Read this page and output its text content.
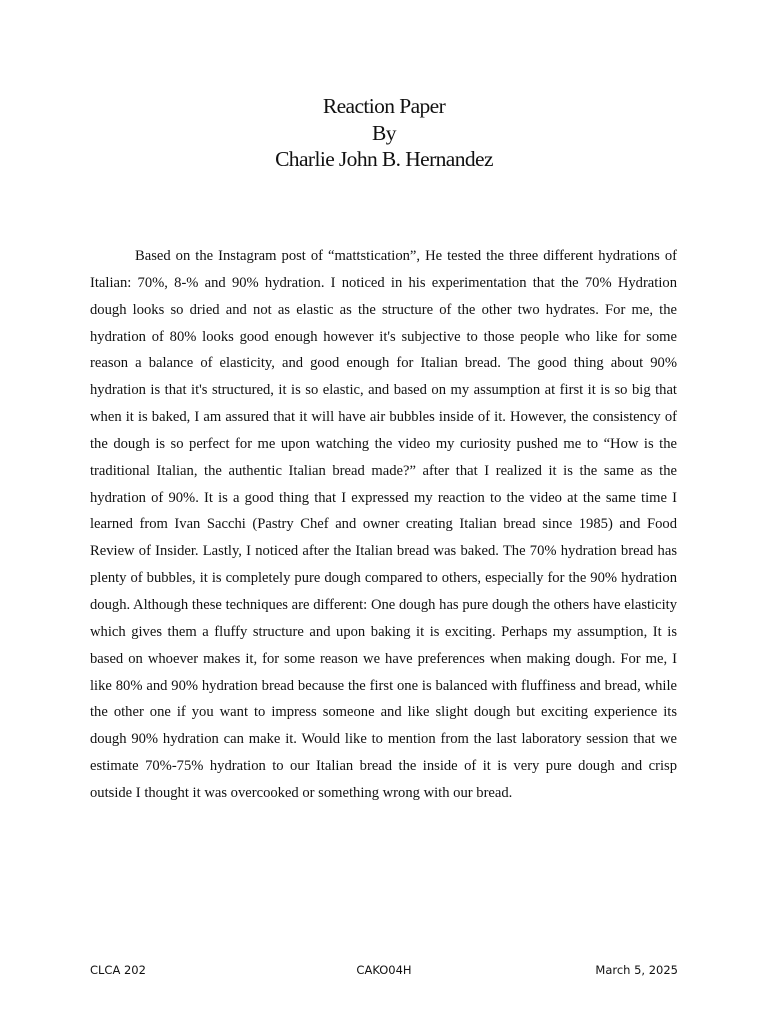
Reaction Paper
By
Charlie John B. Hernandez

Based on the Instagram post of “mattstication”, He tested the three different hydrations of Italian: 70%, 8-% and 90% hydration. I noticed in his experimentation that the 70% Hydration dough looks so dried and not as elastic as the structure of the other two hydrates. For me, the hydration of 80% looks good enough however it's subjective to those people who like for some reason a balance of elasticity, and good enough for Italian bread. The good thing about 90% hydration is that it's structured, it is so elastic, and based on my assumption at first it is so big that when it is baked, I am assured that it will have air bubbles inside of it. However, the consistency of the dough is so perfect for me upon watching the video my curiosity pushed me to “How is the traditional Italian, the authentic Italian bread made?” after that I realized it is the same as the hydration of 90%. It is a good thing that I expressed my reaction to the video at the same time I learned from Ivan Sacchi (Pastry Chef and owner creating Italian bread since 1985) and Food Review of Insider. Lastly, I noticed after the Italian bread was baked. The 70% hydration bread has plenty of bubbles, it is completely pure dough compared to others, especially for the 90% hydration dough. Although these techniques are different: One dough has pure dough the others have elasticity which gives them a fluffy structure and upon baking it is exciting. Perhaps my assumption, It is based on whoever makes it, for some reason we have preferences when making dough. For me, I like 80% and 90% hydration bread because the first one is balanced with fluffiness and bread, while the other one if you want to impress someone and like slight dough but exciting experience its dough 90% hydration can make it. Would like to mention from the last laboratory session that we estimate 70%-75% hydration to our Italian bread the inside of it is very pure dough and crisp outside I thought it was overcooked or something wrong with our bread.

CAKO04H
CLCA 202	March 5, 2025
